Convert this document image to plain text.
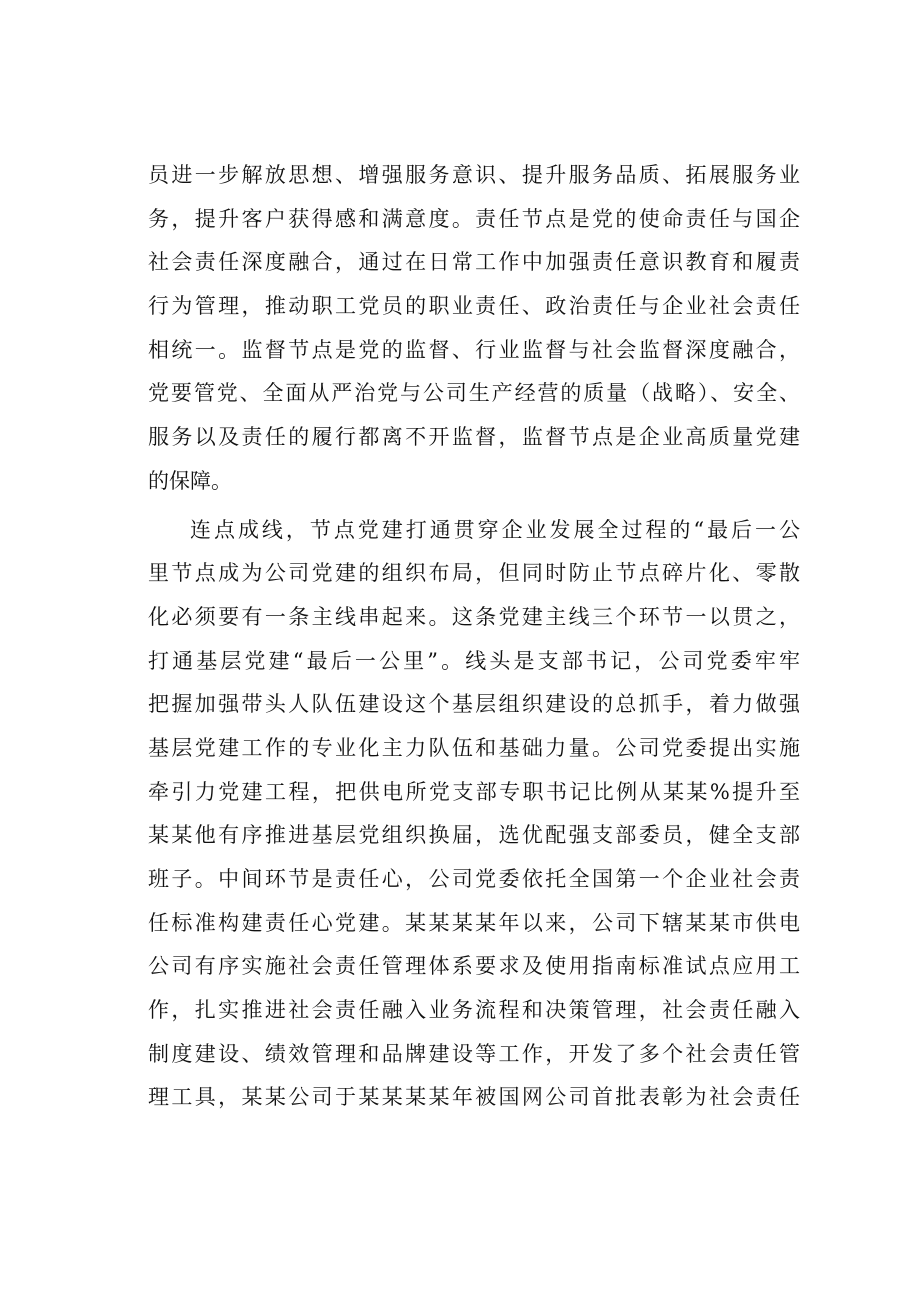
员进一步解放思想、增强服务意识、提升服务品质、拓展服务业
务，提升客户获得感和满意度。责任节点是党的使命责任与国企
社会责任深度融合，通过在日常工作中加强责任意识教育和履责
行为管理，推动职工党员的职业责任、政治责任与企业社会责任
相统一。监督节点是党的监督、行业监督与社会监督深度融合，
党要管党、全面从严治党与公司生产经营的质量（战略）、安全、
服务以及责任的履行都离不开监督，监督节点是企业高质量党建
的保障。
连点成线，节点党建打通贯穿企业发展全过程的“最后一公
里节点成为公司党建的组织布局，但同时防止节点碎片化、零散
化必须要有一条主线串起来。这条党建主线三个环节一以贯之，
打通基层党建“最后一公里”。线头是支部书记，公司党委牢牢
把握加强带头人队伍建设这个基层组织建设的总抓手，着力做强
基层党建工作的专业化主力队伍和基础力量。公司党委提出实施
牵引力党建工程，把供电所党支部专职书记比例从某某%提升至
某某他有序推进基层党组织换届，选优配强支部委员，健全支部
班子。中间环节是责任心，公司党委依托全国第一个企业社会责
任标准构建责任心党建。某某某某年以来，公司下辖某某市供电
公司有序实施社会责任管理体系要求及使用指南标准试点应用工
作，扎实推进社会责任融入业务流程和决策管理，社会责任融入
制度建设、绩效管理和品牌建设等工作，开发了多个社会责任管
理工具，某某公司于某某某某年被国网公司首批表彰为社会责任
